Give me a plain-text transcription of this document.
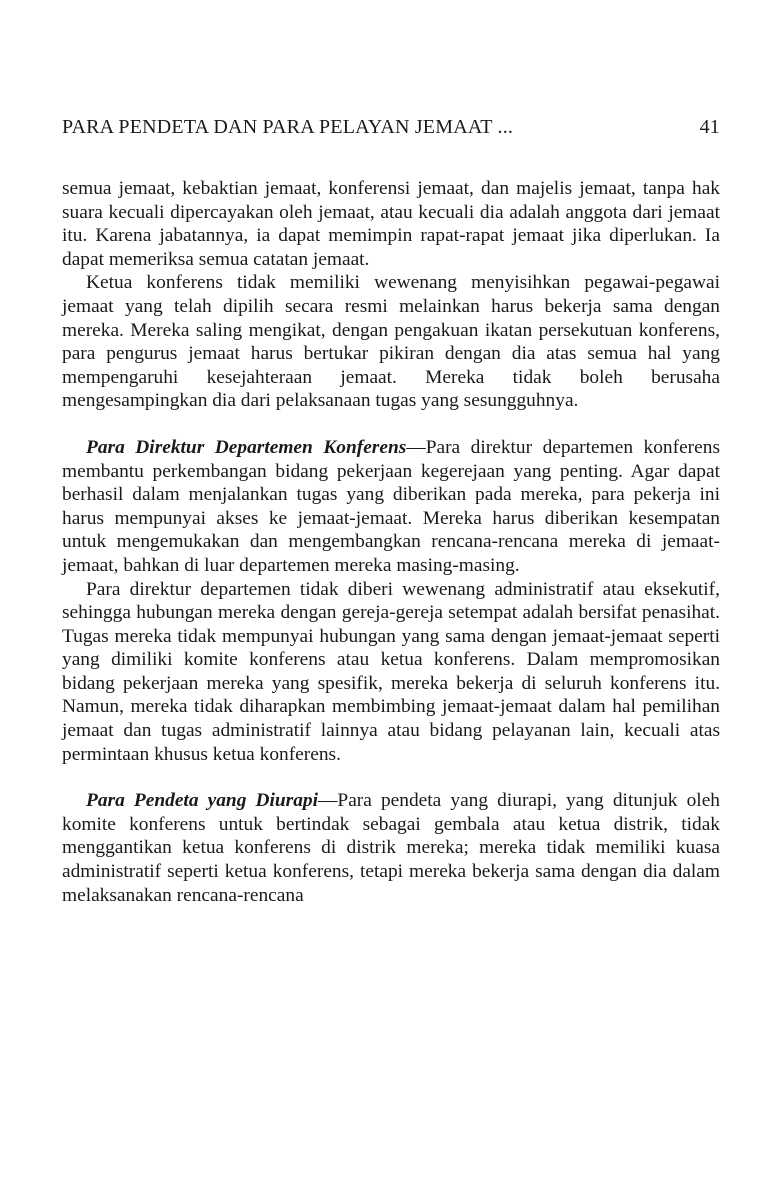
PARA PENDETA DAN PARA PELAYAN JEMAAT ...	41

semua jemaat, kebaktian jemaat, konferensi jemaat, dan majelis jemaat, tanpa hak suara kecuali dipercayakan oleh jemaat, atau kecuali dia adalah anggota dari jemaat itu. Karena jabatannya, ia dapat memimpin rapat-rapat jemaat jika diperlukan. Ia dapat memeriksa semua catatan jemaat.

Ketua konferens tidak memiliki wewenang menyisihkan pegawai-pegawai jemaat yang telah dipilih secara resmi melainkan harus bekerja sama dengan mereka. Mereka saling mengikat, dengan pengakuan ikatan persekutuan konferens, para pengurus jemaat harus bertukar pikiran dengan dia atas semua hal yang mempengaruhi kesejahteraan jemaat. Mereka tidak boleh berusaha mengesampingkan dia dari pelaksanaan tugas yang sesungguhnya.

Para Direktur Departemen Konferens—Para direktur departemen konferens membantu perkembangan bidang pekerjaan kegerejaan yang penting. Agar dapat berhasil dalam menjalankan tugas yang diberikan pada mereka, para pekerja ini harus mempunyai akses ke jemaat-jemaat. Mereka harus diberikan kesempatan untuk mengemukakan dan mengembangkan rencana-rencana mereka di jemaat-jemaat, bahkan di luar departemen mereka masing-masing.

Para direktur departemen tidak diberi wewenang administratif atau eksekutif, sehingga hubungan mereka dengan gereja-gereja setempat adalah bersifat penasihat. Tugas mereka tidak mempunyai hubungan yang sama dengan jemaat-jemaat seperti yang dimiliki komite konferens atau ketua konferens. Dalam mempromosikan bidang pekerjaan mereka yang spesifik, mereka bekerja di seluruh konferens itu. Namun, mereka tidak diharapkan membimbing jemaat-jemaat dalam hal pemilihan jemaat dan tugas administratif lainnya atau bidang pelayanan lain, kecuali atas permintaan khusus ketua konferens.

Para Pendeta yang Diurapi—Para pendeta yang diurapi, yang ditunjuk oleh komite konferens untuk bertindak sebagai gembala atau ketua distrik, tidak menggantikan ketua konferens di distrik mereka; mereka tidak memiliki kuasa administratif seperti ketua konferens, tetapi mereka bekerja sama dengan dia dalam melaksanakan rencana-rencana
